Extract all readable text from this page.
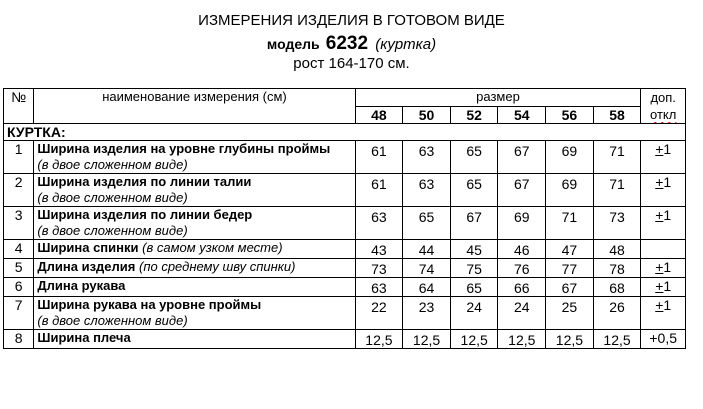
ИЗМЕРЕНИЯ ИЗДЕЛИЯ В ГОТОВОМ ВИДЕ
модель 6232 (куртка)
рост 164-170 см.
№	наименование измерения (см)	размер						доп.
откл

		48	50	52	54	56	58	
КУРТКА:								
1	Ширина изделия на уровне глубины проймы
(в двое сложенном виде)	61	63	65	67	69	71	+1
2	Ширина изделия по линии талии
(в двое сложенном виде)	61	63	65	67	69	71	+1
3	Ширина изделия по линии бедер
(в двое сложенном виде)	63	65	67	69	71	73	+1
4	Ширина спинки (в самом узком месте)	43	44	45	46	47	48	
5	Длина изделия (по среднему шву спинки)	73	74	75	76	77	78	+1
6	Длина рукава	63	64	65	66	67	68	+1
7	Ширина рукава на уровне проймы
(в двое сложенном виде)	22	23	24	24	25	26	+1
8	Ширина плеча	12,5	12,5	12,5	12,5	12,5	12,5	+0,5
